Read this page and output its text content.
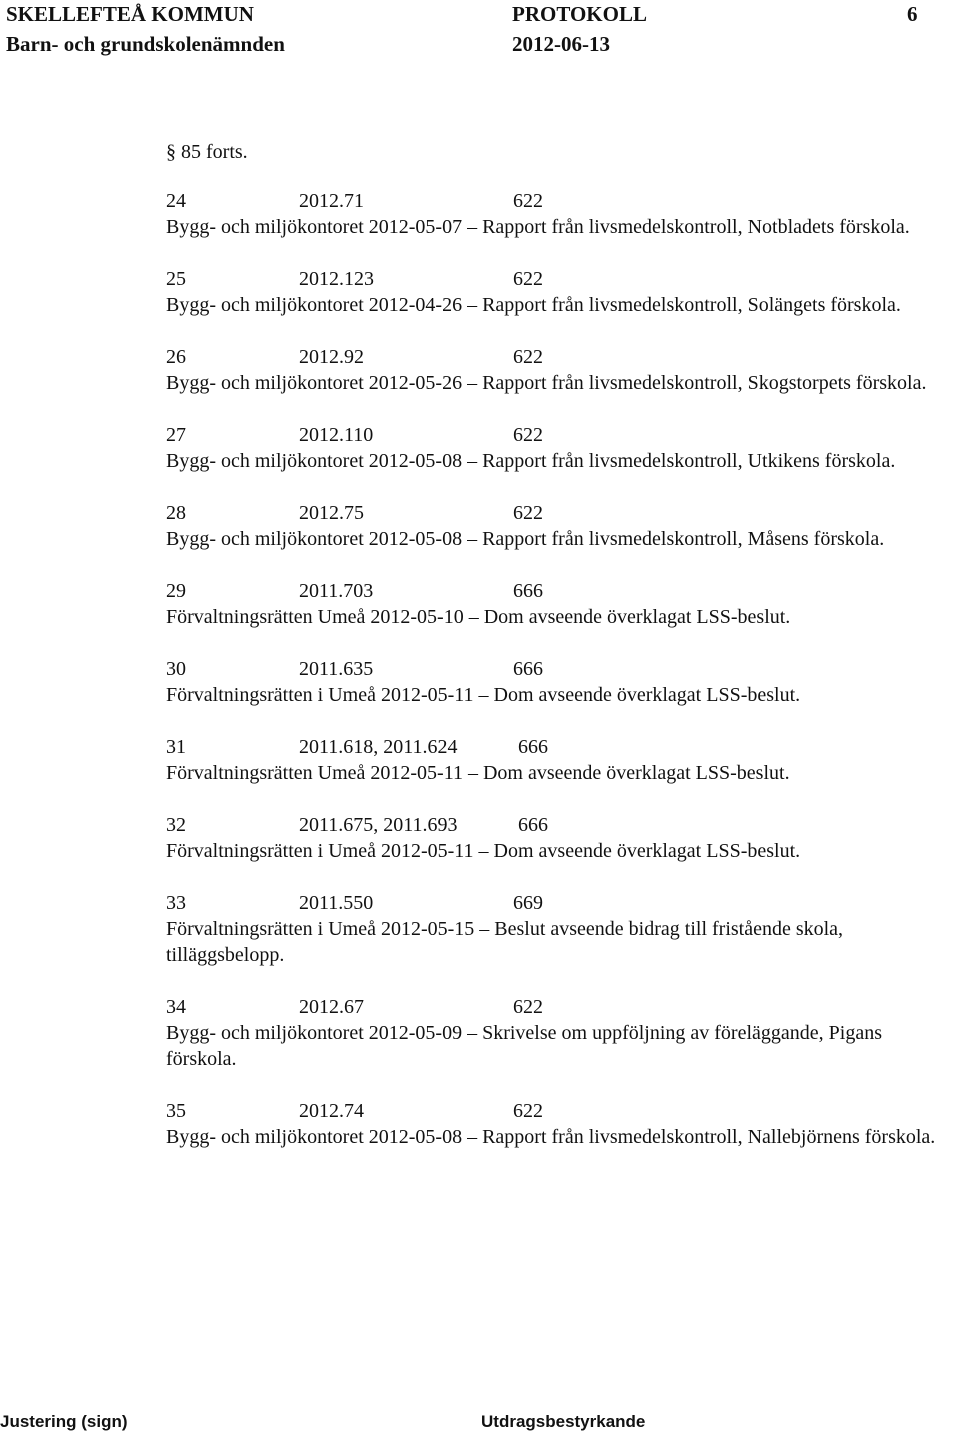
SKELLEFTEÅ KOMMUN
Barn- och grundskolenämnden
PROTOKOLL
2012-06-13
6
§ 85 forts.
24	2012.71	622
Bygg- och miljökontoret 2012-05-07 – Rapport från livsmedelskontroll, Notbladets förskola.
25	2012.123	622
Bygg- och miljökontoret 2012-04-26 – Rapport från livsmedelskontroll, Solängets förskola.
26	2012.92	622
Bygg- och miljökontoret 2012-05-26 – Rapport från livsmedelskontroll, Skogstorpets förskola.
27	2012.110	622
Bygg- och miljökontoret 2012-05-08 – Rapport från livsmedelskontroll, Utkikens förskola.
28	2012.75	622
Bygg- och miljökontoret 2012-05-08 – Rapport från livsmedelskontroll, Måsens förskola.
29	2011.703	666
Förvaltningsrätten Umeå 2012-05-10 – Dom avseende överklagat LSS-beslut.
30	2011.635	666
Förvaltningsrätten i Umeå 2012-05-11 – Dom avseende överklagat LSS-beslut.
31	2011.618, 2011.624	666
Förvaltningsrätten Umeå 2012-05-11 – Dom avseende överklagat LSS-beslut.
32	2011.675, 2011.693	666
Förvaltningsrätten i Umeå 2012-05-11 – Dom avseende överklagat LSS-beslut.
33	2011.550	669
Förvaltningsrätten i Umeå 2012-05-15 – Beslut avseende bidrag till fristående skola, tilläggsbelopp.
34	2012.67	622
Bygg- och miljökontoret 2012-05-09 – Skrivelse om uppföljning av föreläggande, Pigans förskola.
35	2012.74	622
Bygg- och miljökontoret 2012-05-08 – Rapport från livsmedelskontroll, Nallebjörnens förskola.
Justering (sign)	Utdragsbestyrkande
